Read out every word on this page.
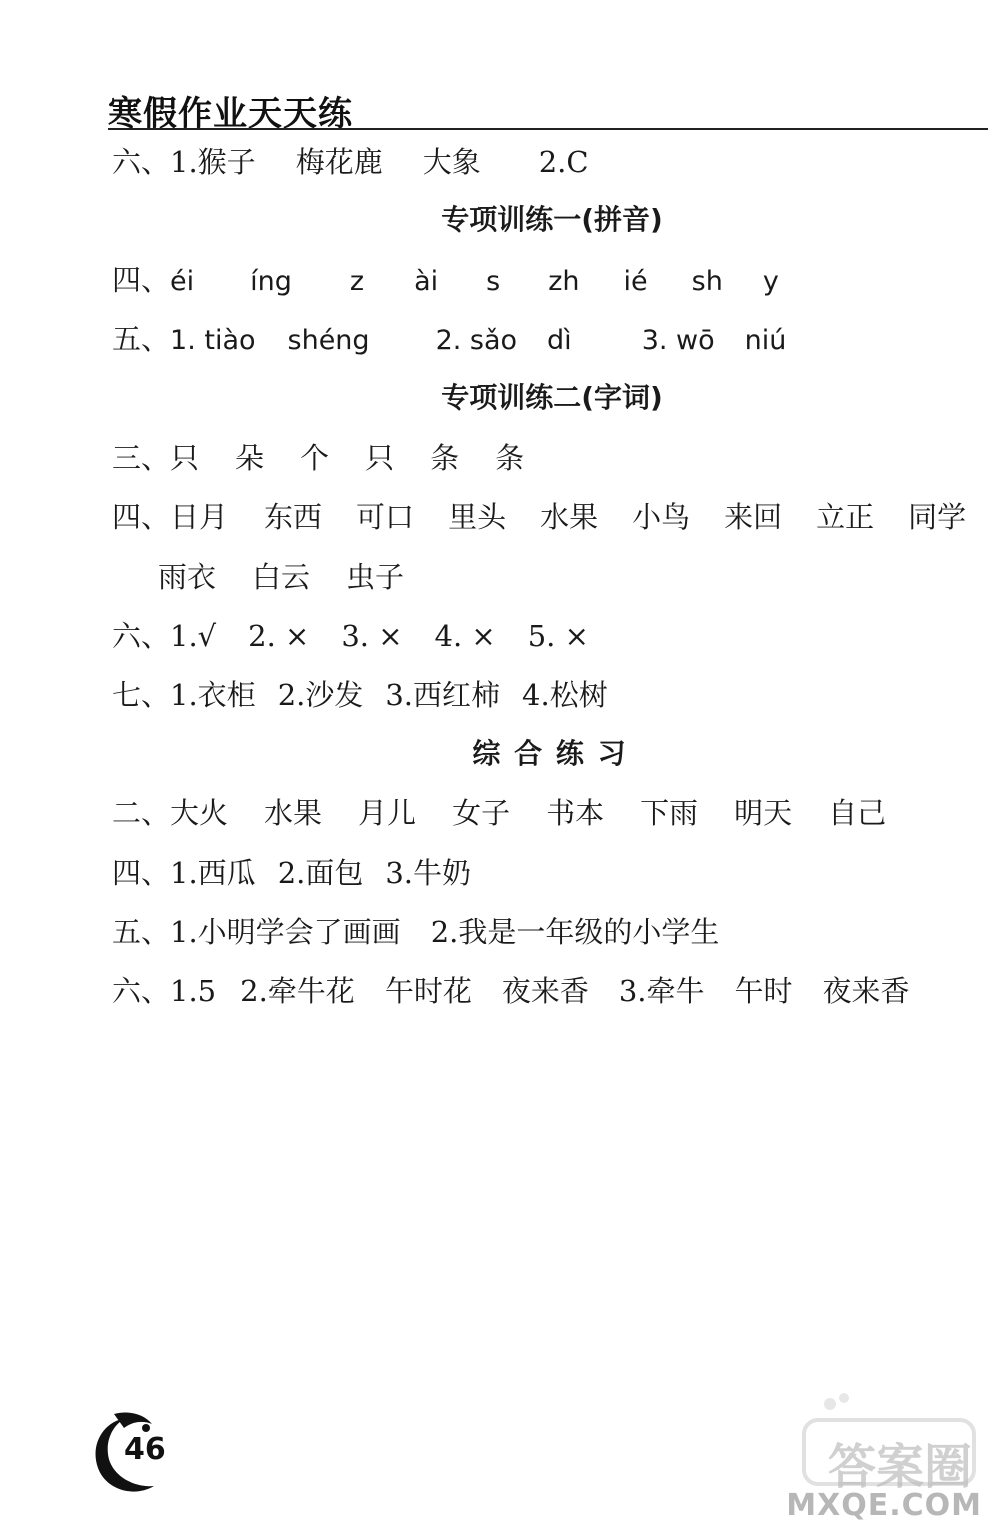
寒假作业天天练
六、1.猴子 梅花鹿 大象 2.C
专项训练一(拼音)
四、éi íng z ài s zh ié sh y
五、1. tiào shéng 2. sǎo dì	3. wō niú
专项训练二(字词)
三、只 朵 个 只 条 条
四、日月 东西 可口 里头 水果 小鸟 来回 立正 同学
雨衣 白云 虫子
六、1.√ 2. × 3. × 4. × 5. ×
七、1.衣柜 2.沙发 3.西红柿 4.松树
综 合 练 习
二、大火 水果 月儿 女子 书本 下雨 明天 自己
四、1.西瓜 2.面包 3.牛奶
五、1.小明学会了画画 2.我是一年级的小学生
六、1.5 2.牵牛花 午时花 夜来香 3.牵牛 午时 夜来香
46	答案圈
MXQE.COM
